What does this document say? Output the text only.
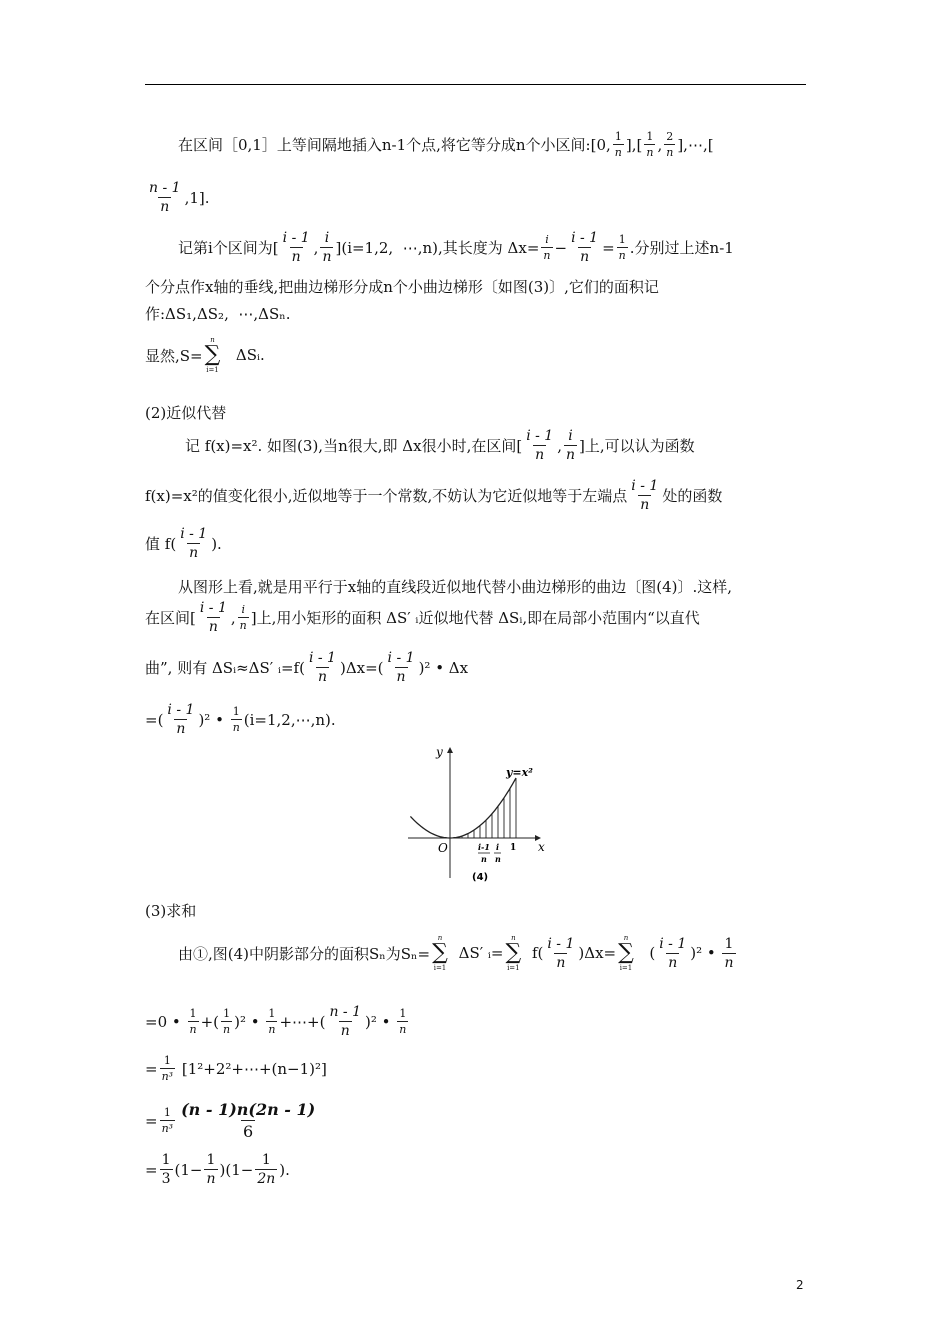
在区间［0,1］上等间隔地插入n-1个点,将它等分成n个小区间:[0, 1
n ],[ 1
n , 2
n ],⋯,[
n - 1
n
,1].
记第i个区间为[
i - 1
n
,
i
n ](i=1,2,  ⋯,n),其长度为 $\Delta x= \frac{i}{n} - \frac{i - 1}{n} = \frac{1}{n}$ .分别过上述n-1
个分点作x轴的垂线,把曲边梯形分成n个小曲边梯形〔如图(3)〕,它们的面积记
作:ΔS₁,ΔS₂,  ⋯,ΔSₙ.
显然,S=
n
∑
i=1
ΔSᵢ.
(2)近似代替
记 f(x)=x². 如图(3),当n很大,即 Δx很小时,在区间[
i - 1
n
,
i
n ]上,可以认为函数
f(x)=x²的值变化很小,近似地等于一个常数,不妨认为它近似地等于左端点
i - 1
n 处的函数
值 f(
i - 1
n
).
从图形上看,就是用平行于x轴的直线段近似地代替小曲边梯形的曲边〔图(4)〕.这样,
在区间[
i - 1
n
, i
n ]上,用小矩形的面积 ΔS′ ᵢ近似地代替 ΔSᵢ,即在局部小范围内“以直代
曲”, 则有 ΔSᵢ≈ΔS′ ᵢ=f(
i - 1
n
)Δx=(
i - 1
n
)² • Δx
=(
i - 1
n
)² • 1
n (i=1,2,⋯,n).
y
x
O
y=x²
i-1
n
i
n
1
(4)
(3)求和
由①,图(4)中阴影部分的面积Sₙ为Sₙ=
n
∑
i=1
ΔS′ ᵢ=
n
∑
i=1
f(
i - 1
n
)Δx=
n
∑
i=1
(
i - 1
n
)² •
1
n
=0 • 1
n +( 1
n )² • 1
n +⋯+(
n - 1
n
)² • 1
n
= $\frac{1}{\text{n³}}$ [1²+2²+⋯+(n−1)²]
= $\frac{1}{\text{n³}} (n - 1)n(2n - 1)$
6
= $\frac{1}{3} (1- \frac{1}{n} )(1- \frac{1}{2n}$ ).
2
